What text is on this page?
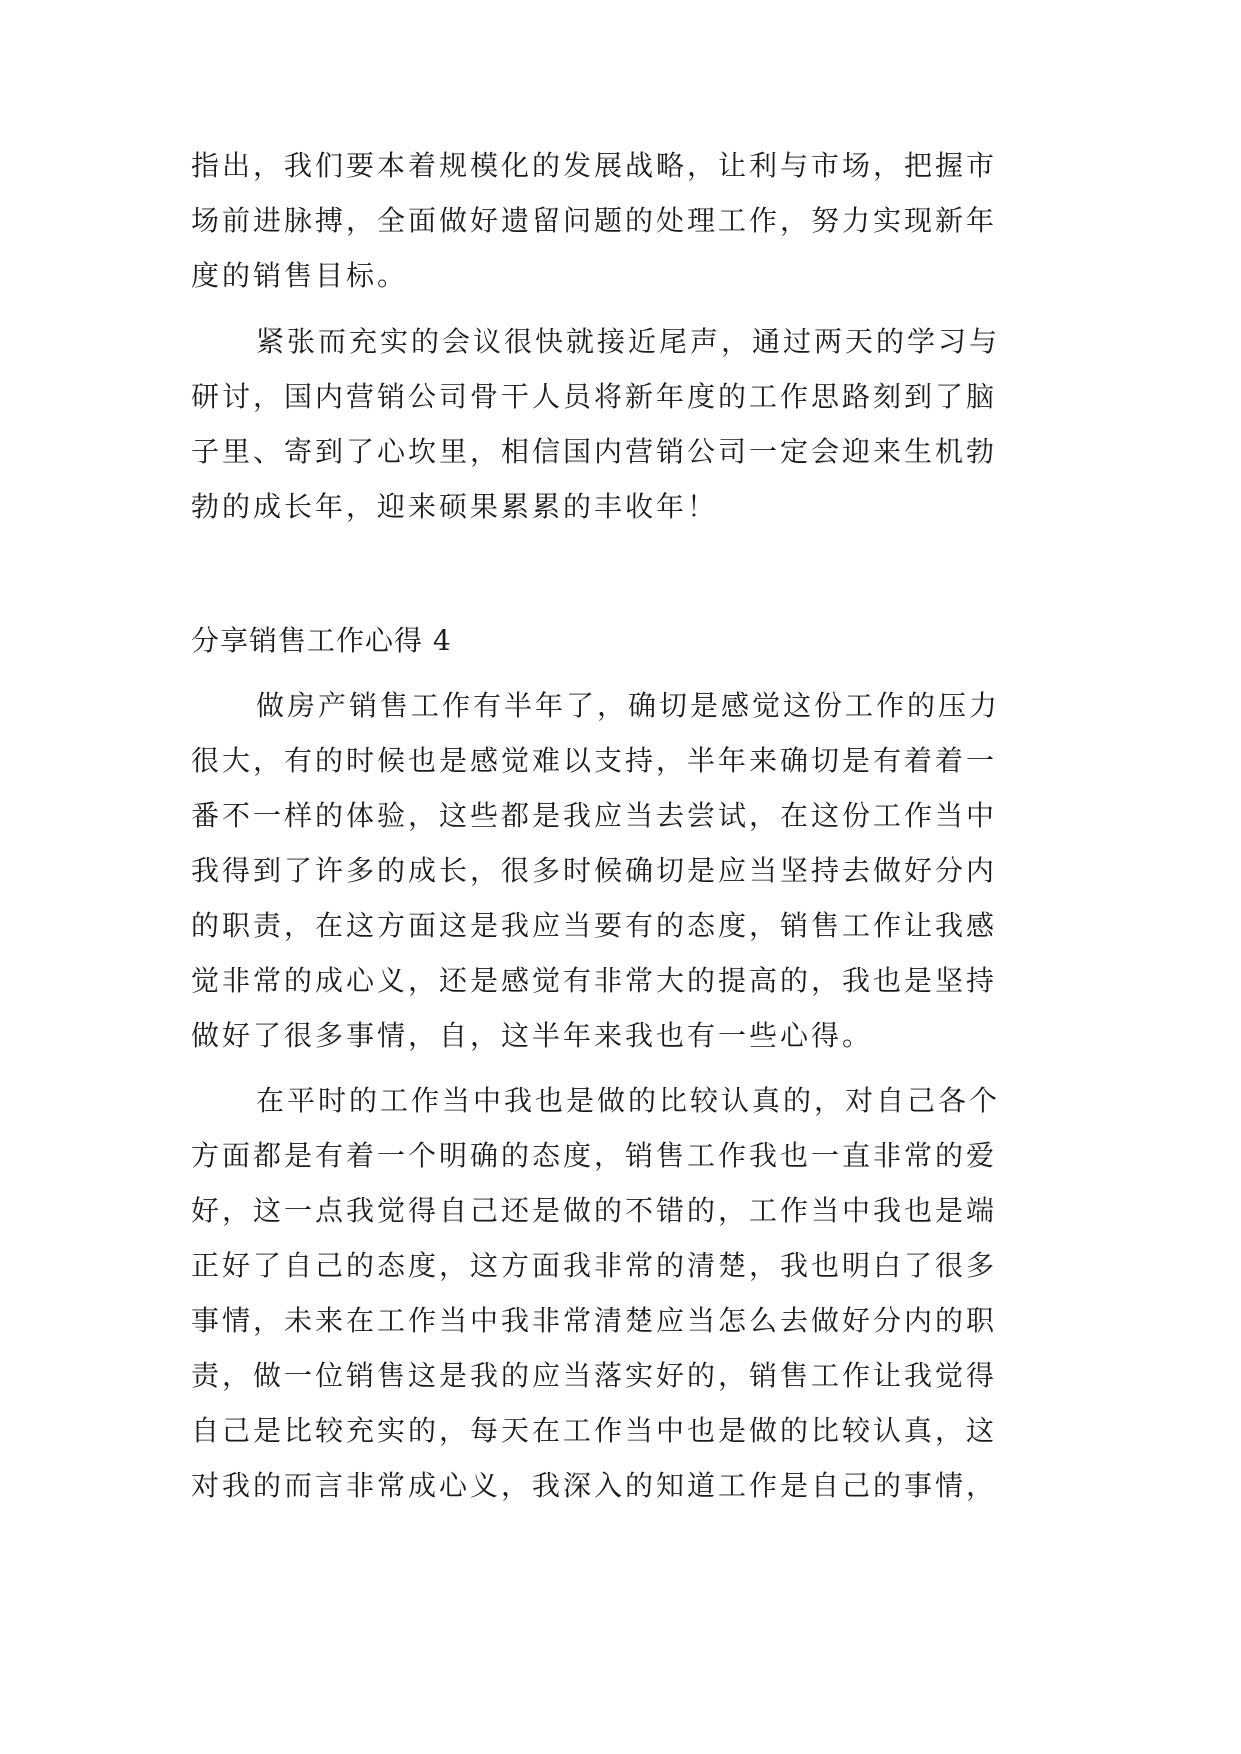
指出，我们要本着规模化的发展战略，让利与市场，把握市
场前进脉搏，全面做好遗留问题的处理工作，努力实现新年
度的销售目标。
紧张而充实的会议很快就接近尾声，通过两天的学习与
研讨，国内营销公司骨干人员将新年度的工作思路刻到了脑
子里、寄到了心坎里，相信国内营销公司一定会迎来生机勃
勃的成长年，迎来硕果累累的丰收年！
分享销售工作心得 4
做房产销售工作有半年了，确切是感觉这份工作的压力
很大，有的时候也是感觉难以支持，半年来确切是有着着一
番不一样的体验，这些都是我应当去尝试，在这份工作当中
我得到了许多的成长，很多时候确切是应当坚持去做好分内
的职责，在这方面这是我应当要有的态度，销售工作让我感
觉非常的成心义，还是感觉有非常大的提高的，我也是坚持
做好了很多事情，自，这半年来我也有一些心得。
在平时的工作当中我也是做的比较认真的，对自己各个
方面都是有着一个明确的态度，销售工作我也一直非常的爱
好，这一点我觉得自己还是做的不错的，工作当中我也是端
正好了自己的态度，这方面我非常的清楚，我也明白了很多
事情，未来在工作当中我非常清楚应当怎么去做好分内的职
责，做一位销售这是我的应当落实好的，销售工作让我觉得
自己是比较充实的，每天在工作当中也是做的比较认真，这
对我的而言非常成心义，我深入的知道工作是自己的事情，
